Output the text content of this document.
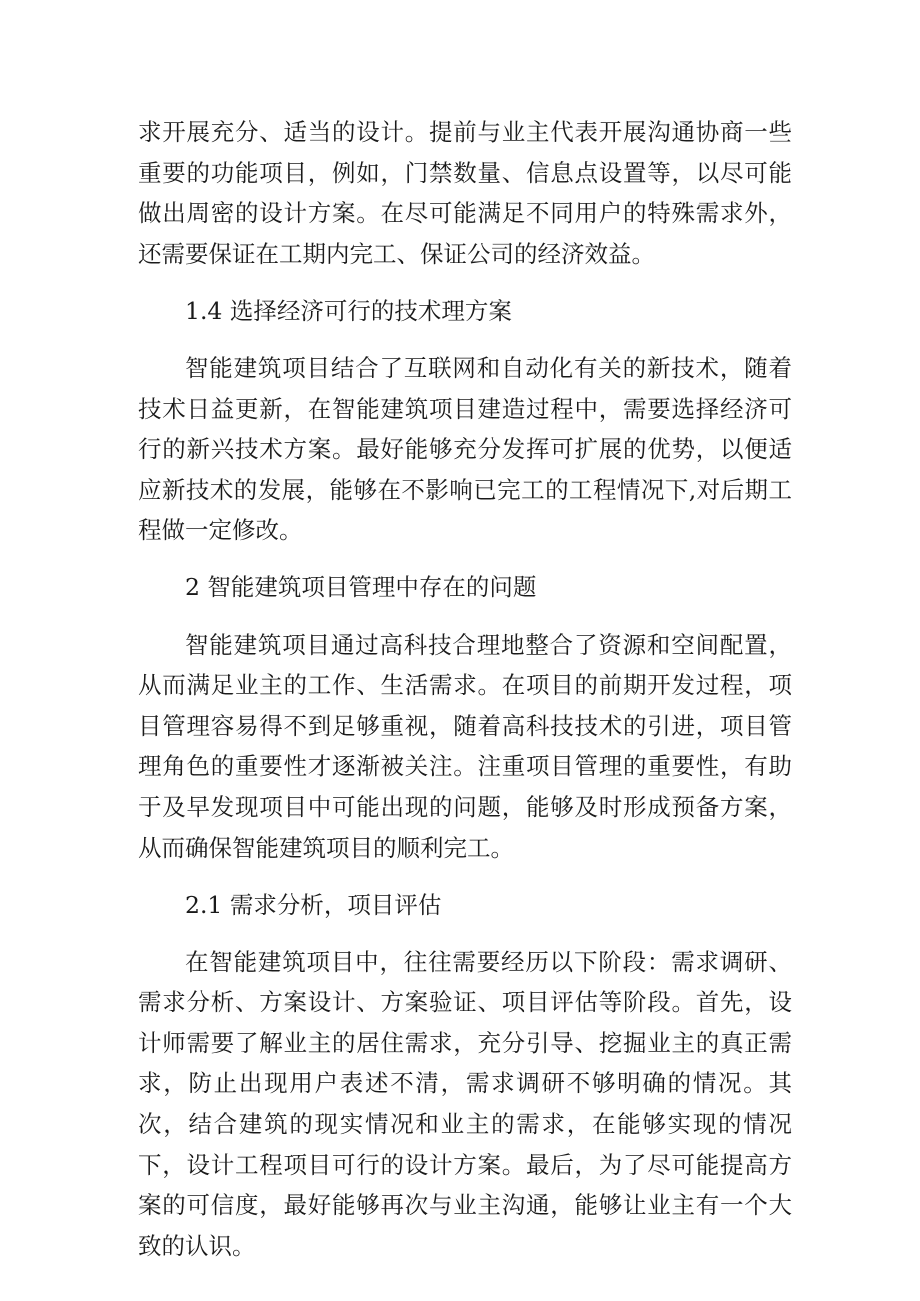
求开展充分、适当的设计。提前与业主代表开展沟通协商一些重要的功能项目，例如，门禁数量、信息点设置等，以尽可能做出周密的设计方案。在尽可能满足不同用户的特殊需求外，还需要保证在工期内完工、保证公司的经济效益。

1.4 选择经济可行的技术理方案

智能建筑项目结合了互联网和自动化有关的新技术，随着技术日益更新，在智能建筑项目建造过程中，需要选择经济可行的新兴技术方案。最好能够充分发挥可扩展的优势，以便适应新技术的发展，能够在不影响已完工的工程情况下,对后期工程做一定修改。

2 智能建筑项目管理中存在的问题

智能建筑项目通过高科技合理地整合了资源和空间配置，从而满足业主的工作、生活需求。在项目的前期开发过程，项目管理容易得不到足够重视，随着高科技技术的引进，项目管理角色的重要性才逐渐被关注。注重项目管理的重要性，有助于及早发现项目中可能出现的问题，能够及时形成预备方案，从而确保智能建筑项目的顺利完工。

2.1 需求分析，项目评估

在智能建筑项目中，往往需要经历以下阶段：需求调研、需求分析、方案设计、方案验证、项目评估等阶段。首先，设计师需要了解业主的居住需求，充分引导、挖掘业主的真正需求，防止出现用户表述不清，需求调研不够明确的情况。其次，结合建筑的现实情况和业主的需求，在能够实现的情况下，设计工程项目可行的设计方案。最后，为了尽可能提高方案的可信度，最好能够再次与业主沟通，能够让业主有一个大致的认识。
